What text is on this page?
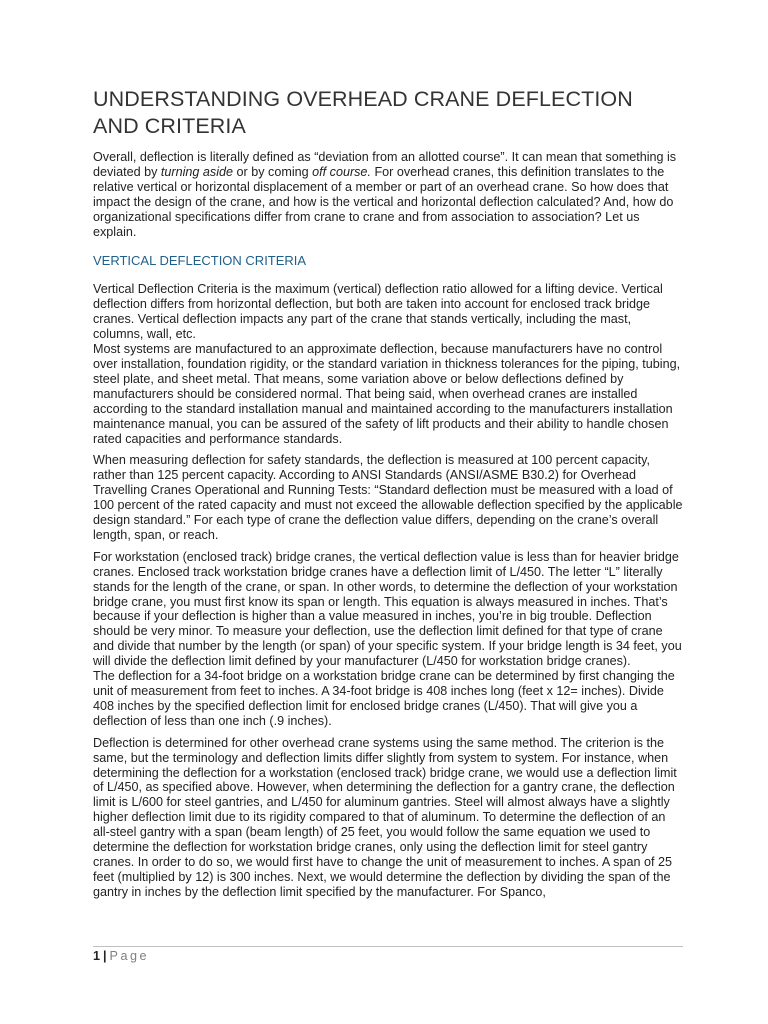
UNDERSTANDING OVERHEAD CRANE DEFLECTION AND CRITERIA

Overall, deflection is literally defined as “deviation from an allotted course”. It can mean that something is deviated by turning aside or by coming off course. For overhead cranes, this definition translates to the relative vertical or horizontal displacement of a member or part of an overhead crane. So how does that impact the design of the crane, and how is the vertical and horizontal deflection calculated? And, how do organizational specifications differ from crane to crane and from association to association? Let us explain.

VERTICAL DEFLECTION CRITERIA

Vertical Deflection Criteria is the maximum (vertical) deflection ratio allowed for a lifting device. Vertical deflection differs from horizontal deflection, but both are taken into account for enclosed track bridge cranes. Vertical deflection impacts any part of the crane that stands vertically, including the mast, columns, wall, etc.

Most systems are manufactured to an approximate deflection, because manufacturers have no control over installation, foundation rigidity, or the standard variation in thickness tolerances for the piping, tubing, steel plate, and sheet metal. That means, some variation above or below deflections defined by manufacturers should be considered normal. That being said, when overhead cranes are installed according to the standard installation manual and maintained according to the manufacturers installation maintenance manual, you can be assured of the safety of lift products and their ability to handle chosen rated capacities and performance standards.

When measuring deflection for safety standards, the deflection is measured at 100 percent capacity, rather than 125 percent capacity. According to ANSI Standards (ANSI/ASME B30.2) for Overhead Travelling Cranes Operational and Running Tests: “Standard deflection must be measured with a load of 100 percent of the rated capacity and must not exceed the allowable deflection specified by the applicable design standard.” For each type of crane the deflection value differs, depending on the crane’s overall length, span, or reach.

For workstation (enclosed track) bridge cranes, the vertical deflection value is less than for heavier bridge cranes. Enclosed track workstation bridge cranes have a deflection limit of L/450. The letter “L” literally stands for the length of the crane, or span. In other words, to determine the deflection of your workstation bridge crane, you must first know its span or length. This equation is always measured in inches. That’s because if your deflection is higher than a value measured in inches, you’re in big trouble. Deflection should be very minor. To measure your deflection, use the deflection limit defined for that type of crane and divide that number by the length (or span) of your specific system. If your bridge length is 34 feet, you will divide the deflection limit defined by your manufacturer (L/450 for workstation bridge cranes).

The deflection for a 34-foot bridge on a workstation bridge crane can be determined by first changing the unit of measurement from feet to inches. A 34-foot bridge is 408 inches long (feet x 12= inches). Divide 408 inches by the specified deflection limit for enclosed bridge cranes (L/450). That will give you a deflection of less than one inch (.9 inches).

Deflection is determined for other overhead crane systems using the same method. The criterion is the same, but the terminology and deflection limits differ slightly from system to system. For instance, when determining the deflection for a workstation (enclosed track) bridge crane, we would use a deflection limit of L/450, as specified above. However, when determining the deflection for a gantry crane, the deflection limit is L/600 for steel gantries, and L/450 for aluminum gantries. Steel will almost always have a slightly higher deflection limit due to its rigidity compared to that of aluminum. To determine the deflection of an all-steel gantry with a span (beam length) of 25 feet, you would follow the same equation we used to determine the deflection for workstation bridge cranes, only using the deflection limit for steel gantry cranes. In order to do so, we would first have to change the unit of measurement to inches. A span of 25 feet (multiplied by 12) is 300 inches. Next, we would determine the deflection by dividing the span of the gantry in inches by the deflection limit specified by the manufacturer. For Spanco,

1 | Page
